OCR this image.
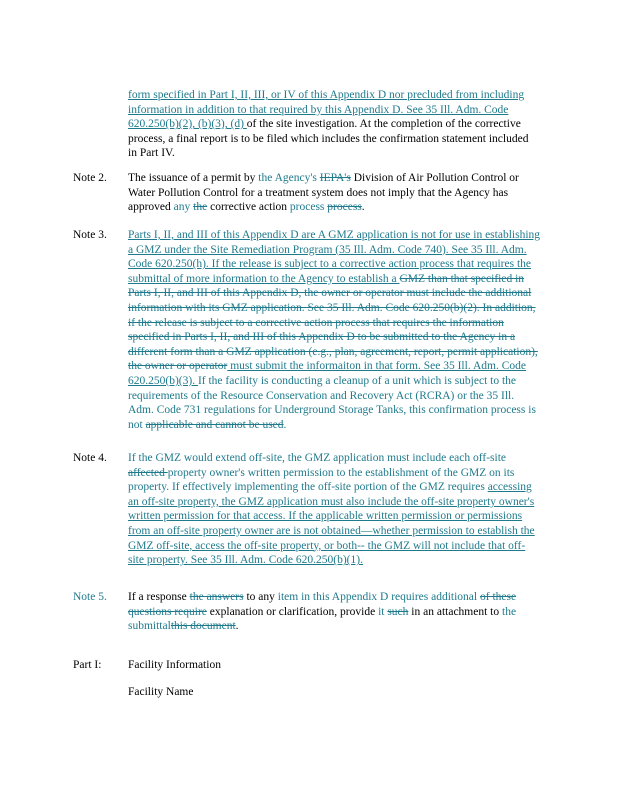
form specified in Part I, II, III, or IV of this Appendix D nor precluded from including information in addition to that required by this Appendix D. See 35 Ill. Adm. Code 620.250(b)(2), (b)(3), (d) of the site investigation. At the completion of the corrective process, a final report is to be filed which includes the confirmation statement included in Part IV.
Note 2. The issuance of a permit by the Agency's IEPA's Division of Air Pollution Control or Water Pollution Control for a treatment system does not imply that the Agency has approved any the corrective action process process.
Note 3. Parts I, II, and III of this Appendix D are A GMZ application is not for use in establishing a GMZ under the Site Remediation Program (35 Ill. Adm. Code 740). See 35 Ill. Adm. Code 620.250(h). If the release is subject to a corrective action process that requires the submittal of more information to the Agency to establish a GMZ than that specified in Parts I, II, and III of this Appendix D, the owner or operator must include the additional information with its GMZ application. See 35 Ill. Adm. Code 620.250(b)(2). In addition, if the release is subject to a corrective action process that requires the information specified in Parts I, II, and III of this Appendix D to be submitted to the Agency in a different form than a GMZ application (e.g., plan, agreement, report, permit application), the owner or operator must submit the informaiton in that form. See 35 Ill. Adm. Code 620.250(b)(3). If the facility is conducting a cleanup of a unit which is subject to the requirements of the Resource Conservation and Recovery Act (RCRA) or the 35 Ill. Adm. Code 731 regulations for Underground Storage Tanks, this confirmation process is not applicable and cannot be used.
Note 4. If the GMZ would extend off-site, the GMZ application must include each off-site affected property owner's written permission to the establishment of the GMZ on its property. If effectively implementing the off-site portion of the GMZ requires accessing an off-site property, the GMZ application must also include the off-site property owner's written permission for that access. If the applicable written permission or permissions from an off-site property owner are is not obtained—whether permission to establish the GMZ off-site, access the off-site property, or both-- the GMZ will not include that off-site property. See 35 Ill. Adm. Code 620.250(b)(1).
Note 5. If a response the answers to any item in this Appendix D requires additional of these questions require explanation or clarification, provide it such in an attachment to the submittalthis document.
Part I: Facility Information
Facility Name
